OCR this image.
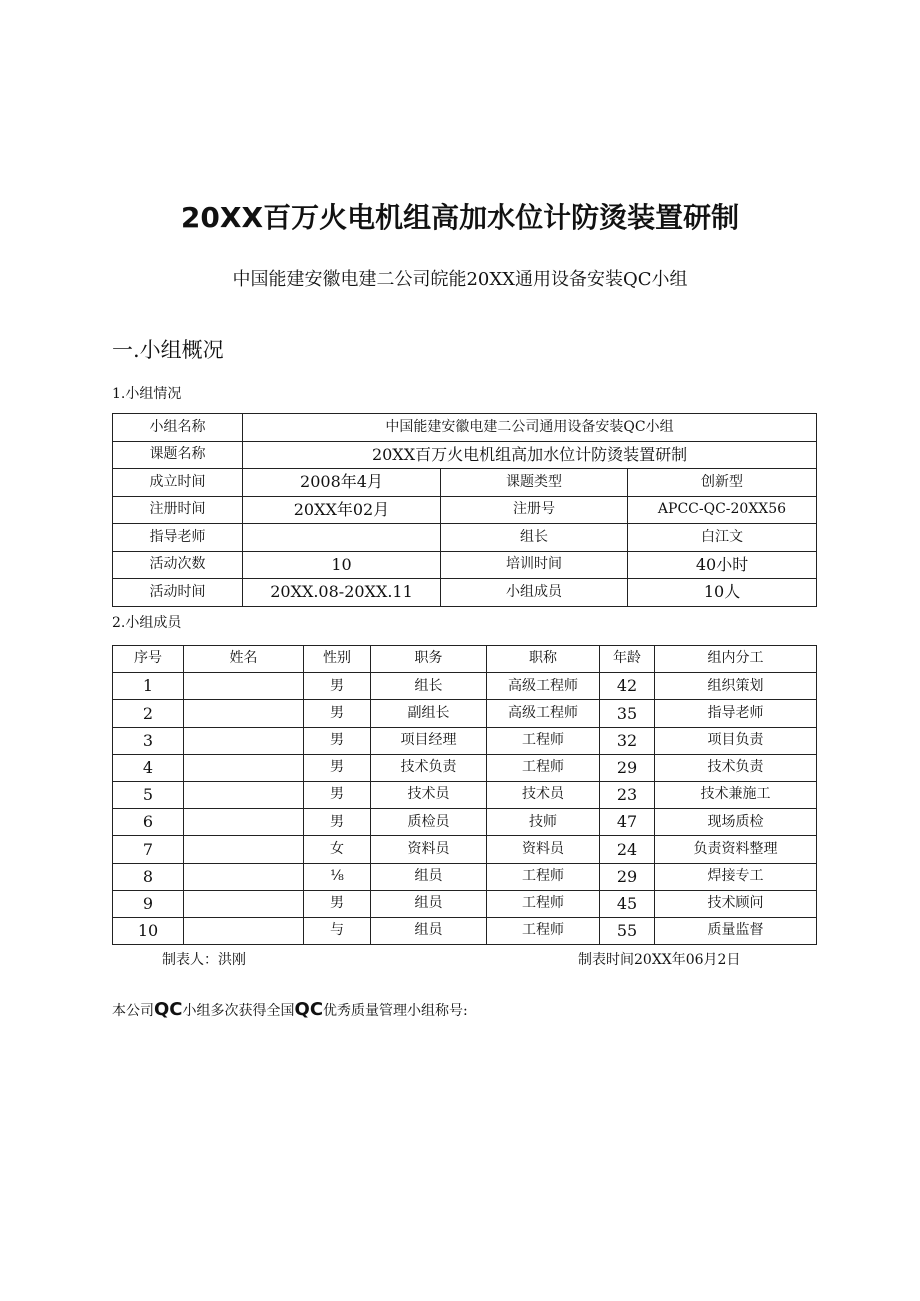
20XX百万火电机组高加水位计防烫装置研制
中国能建安徽电建二公司皖能20XX通用设备安装QC小组
一.小组概况
1.小组情况
小组名称	中国能建安徽电建二公司通用设备安装QC小组		
课题名称	20XX百万火电机组高加水位计防烫装置研制		
成立时间	2008年4月	课题类型	创新型
注册时间	20XX年02月	注册号	APCC-QC-20XX56
指导老师		组长	白江文
活动次数	10	培训时间	40小时
活动时间	20XX.08-20XX.11	小组成员	10人
2.小组成员
序号	姓名	性别	职务	职称	年龄	组内分工
1		男	组长	高级工程师	42	组织策划
2		男	副组长	高级工程师	35	指导老师
3		男	项目经理	工程师	32	项目负责
4		男	技术负责	工程师	29	技术负责
5		男	技术员	技术员	23	技术兼施工
6		男	质检员	技师	47	现场质检
7		女	资料员	资料员	24	负责资料整理
8		⅛	组员	工程师	29	焊接专工
9		男	组员	工程师	45	技术顾问
10		与	组员	工程师	55	质量监督
制表人：洪刚	制表时间20XX年06月2日
本公司QC小组多次获得全国QC优秀质量管理小组称号:
